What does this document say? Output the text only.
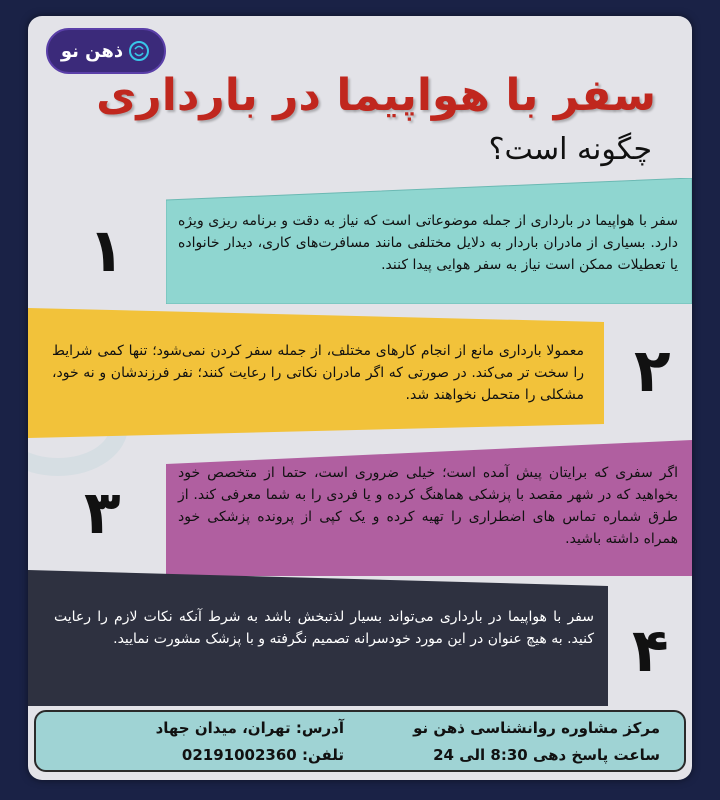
ذهن نو
سفر با هواپیما در بارداری
چگونه است؟
۱	سفر با هواپیما در بارداری از جمله موضوعاتی است که نیاز به دقت و برنامه ریزی ویژه دارد. بسیاری از مادران باردار به دلایل مختلفی مانند مسافرت‌های کاری، دیدار خانواده یا تعطیلات ممکن است نیاز به سفر هوایی پیدا کنند.
۲
معمولا بارداری مانع از انجام کارهای مختلف، از جمله سفر کردن نمی‌شود؛ تنها کمی شرایط را سخت تر می‌کند. در صورتی که اگر مادران نکاتی را رعایت کنند؛ نفر فرزندشان و نه خود، مشکلی را متحمل نخواهند شد.
۳
اگر سفری که برایتان پیش آمده است؛ خیلی ضروری است، حتما از متخصص خود بخواهید که در شهر مقصد با پزشکی هماهنگ کرده و یا فردی را به شما معرفی کند. از طرق شماره تماس های اضطراری را تهیه کرده و یک کپی از پرونده پزشکی خود همراه داشته باشید.
۴
سفر با هواپیما در بارداری می‌تواند بسیار لذتبخش باشد به شرط آنکه نکات لازم را رعایت کنید. به هیچ عنوان در این مورد خودسرانه تصمیم نگرفته و با پزشک مشورت نمایید.
مرکز مشاوره روانشناسی ذهن نو
ساعت پاسخ دهی 8:30 الی 24
آدرس: تهران، میدان جهاد
تلفن: 02191002360
